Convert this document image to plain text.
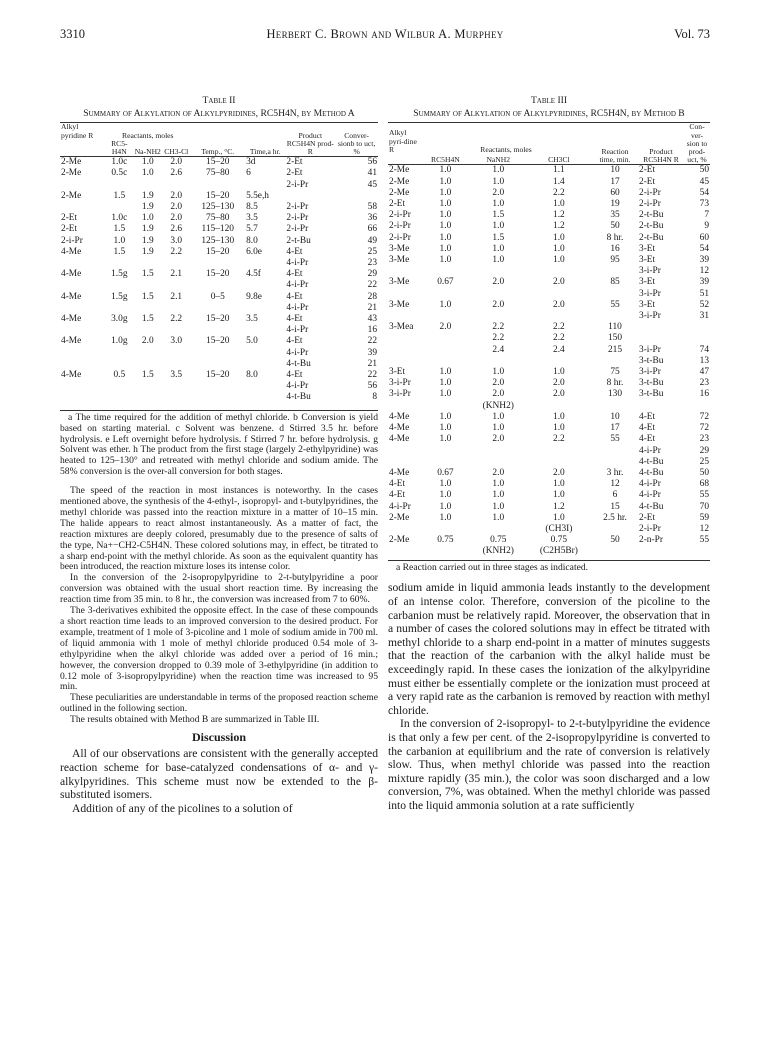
3310	Herbert C. Brown and Wilbur A. Murphey	Vol. 73
Table II
Summary of Alkylation of Alkylpyridines, RC5H4N, by Method A
Alkyl pyridine R	Reactants, moles			Temp., °C.	Time,a hr.	Product RC5H4N prod- R	Conver-sionb to uct, %
	RC5-H4N	Na-NH2	CH3-Cl				
2-Me	1.0c	1.0	2.0	15–20	3d	2-Et	56
2-Me	0.5c	1.0	2.6	75–80	6	2-Et	41
						2-i-Pr	45
2-Me	1.5	1.9	2.0	15–20	5.5e,h		
		1.9	2.0	125–130	8.5	2-i-Pr	58
2-Et	1.0c	1.0	2.0	75–80	3.5	2-i-Pr	36
2-Et	1.5	1.9	2.6	115–120	5.7	2-i-Pr	66
2-i-Pr	1.0	1.9	3.0	125–130	8.0	2-t-Bu	49
4-Me	1.5	1.9	2.2	15–20	6.0e	4-Et	25
						4-i-Pr	23
4-Me	1.5g	1.5	2.1	15–20	4.5f	4-Et	29
						4-i-Pr	22
4-Me	1.5g	1.5	2.1	0–5	9.8e	4-Et	28
						4-i-Pr	21
4-Me	3.0g	1.5	2.2	15–20	3.5	4-Et	43
						4-i-Pr	16
4-Me	1.0g	2.0	3.0	15–20	5.0	4-Et	22
						4-i-Pr	39
						4-t-Bu	21
4-Me	0.5	1.5	3.5	15–20	8.0	4-Et	22
						4-i-Pr	56
						4-t-Bu	8
a The time required for the addition of methyl chloride. b Conversion is yield based on starting material. c Solvent was benzene. d Stirred 3.5 hr. before hydrolysis. e Left overnight before hydrolysis. f Stirred 7 hr. before hydrolysis. g Solvent was ether. h The product from the first stage (largely 2-ethylpyridine) was heated to 125–130° and retreated with methyl chloride and sodium amide. The 58% conversion is the over-all conversion for both stages.

The speed of the reaction in most instances is noteworthy. In the cases mentioned above, the synthesis of the 4-ethyl-, isopropyl- and t-butylpyridines, the methyl chloride was passed into the reaction mixture in a matter of 10–15 min. The halide appears to react almost instantaneously. As a matter of fact, the reaction mixtures are deeply colored, presumably due to the presence of salts of the type, Na+−CH2-C5H4N. These colored solutions may, in effect, be titrated to a sharp end-point with the methyl chloride. As soon as the equivalent quantity has been introduced, the reaction mixture loses its intense color.

In the conversion of the 2-isopropylpyridine to 2-t-butylpyridine a poor conversion was obtained with the usual short reaction time. By increasing the reaction time from 35 min. to 8 hr., the conversion was increased from 7 to 60%.

The 3-derivatives exhibited the opposite effect. In the case of these compounds a short reaction time leads to an improved conversion to the desired product. For example, treatment of 1 mole of 3-picoline and 1 mole of sodium amide in 700 ml. of liquid ammonia with 1 mole of methyl chloride produced 0.54 mole of 3-ethylpyridine when the alkyl chloride was added over a period of 16 min.; however, the conversion dropped to 0.39 mole of 3-ethylpyridine (in addition to 0.12 mole of 3-isopropylpyridine) when the reaction time was increased to 95 min.

These peculiarities are understandable in terms of the proposed reaction scheme outlined in the following section.

The results obtained with Method B are summarized in Table III.

Discussion

All of our observations are consistent with the generally accepted reaction scheme for base-catalyzed condensations of α- and γ-alkylpyridines. This scheme must now be extended to the β-substituted isomers.

Addition of any of the picolines to a solution of

Table III
Summary of Alkylation of Alkylpyridines, RC5H4N, by Method B
Alkyl pyri-dine R	Reactants, moles			Reaction time, min.	Product RC5H4N R	Con-ver-sion to prod-uct, %
	RC5H4N	NaNH2	CH3Cl			
2-Me	1.0	1.0	1.1	10	2-Et	50
2-Me	1.0	1.0	1.4	17	2-Et	45
2-Me	1.0	2.0	2.2	60	2-i-Pr	54
2-Et	1.0	1.0	1.0	19	2-i-Pr	73
2-i-Pr	1.0	1.5	1.2	35	2-t-Bu	7
2-i-Pr	1.0	1.0	1.2	50	2-t-Bu	9
2-i-Pr	1.0	1.5	1.0	8 hr.	2-t-Bu	60
3-Me	1.0	1.0	1.0	16	3-Et	54
3-Me	1.0	1.0	1.0	95	3-Et	39
					3-i-Pr	12
3-Me	0.67	2.0	2.0	85	3-Et	39
					3-i-Pr	51
3-Me	1.0	2.0	2.0	55	3-Et	52
					3-i-Pr	31
3-Mea	2.0	2.2	2.2	110		
		2.2	2.2	150		
		2.4	2.4	215	3-i-Pr	74
					3-t-Bu	13
3-Et	1.0	1.0	1.0	75	3-i-Pr	47
3-i-Pr	1.0	2.0	2.0	8 hr.	3-t-Bu	23
3-i-Pr	1.0	2.0	2.0	130	3-t-Bu	16
		(KNH2)				
4-Me	1.0	1.0	1.0	10	4-Et	72
4-Me	1.0	1.0	1.0	17	4-Et	72
4-Me	1.0	2.0	2.2	55	4-Et	23
					4-i-Pr	29
					4-t-Bu	25
4-Me	0.67	2.0	2.0	3 hr.	4-t-Bu	50
4-Et	1.0	1.0	1.0	12	4-i-Pr	68
4-Et	1.0	1.0	1.0	6	4-i-Pr	55
4-i-Pr	1.0	1.0	1.2	15	4-t-Bu	70
2-Me	1.0	1.0	1.0	2.5 hr.	2-Et	59
			(CH3I)		2-i-Pr	12
2-Me	0.75	0.75	0.75	50	2-n-Pr	55
		(KNH2)	(C2H5Br)			
a Reaction carried out in three stages as indicated.

sodium amide in liquid ammonia leads instantly to the development of an intense color. Therefore, conversion of the picoline to the carbanion must be relatively rapid. Moreover, the observation that in a number of cases the colored solutions may in effect be titrated with methyl chloride to a sharp end-point in a matter of minutes suggests that the reaction of the carbanion with the alkyl halide must be exceedingly rapid. In these cases the ionization of the alkylpyridine must either be essentially complete or the ionization must proceed at a very rapid rate as the carbanion is removed by reaction with methyl chloride.

In the conversion of 2-isopropyl- to 2-t-butylpyridine the evidence is that only a few per cent. of the 2-isopropylpyridine is converted to the carbanion at equilibrium and the rate of conversion is relatively slow. Thus, when methyl chloride was passed into the reaction mixture rapidly (35 min.), the color was soon discharged and a low conversion, 7%, was obtained. When the methyl chloride was passed into the liquid ammonia solution at a rate sufficiently
